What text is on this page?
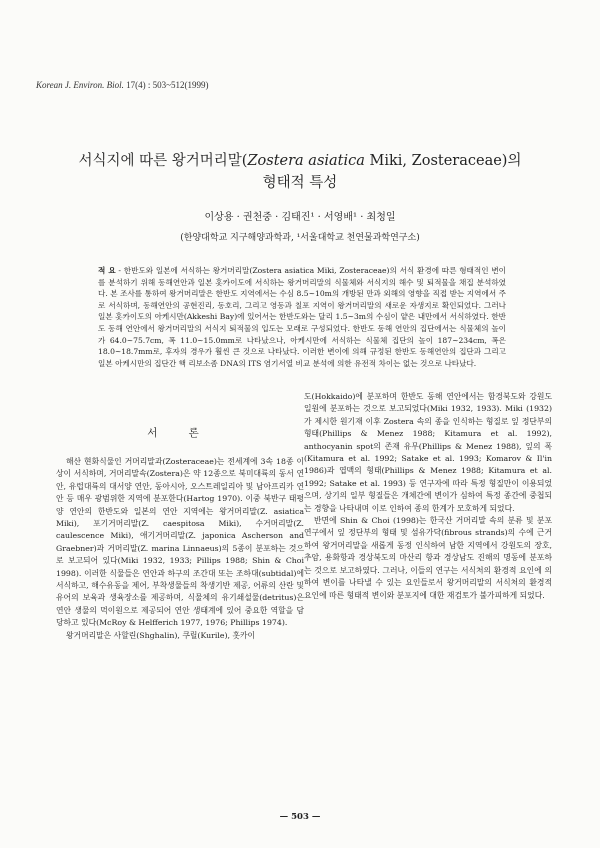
Korean J. Environ. Biol. 17(4) : 503~512(1999)
서식지에 따른 왕거머리말(Zostera asiatica Miki, Zosteraceae)의
형태적 특성
이상용 · 권천중 · 김태진¹ · 서영배¹ · 최청일
(한양대학교 지구해양과학과, ¹서울대학교 천연물과학연구소)
적 요 - 한반도와 일본에 서식하는 왕거머리말(Zostera asiatica Miki, Zosteraceae)의 서식 환경에 따른 형태적인 변이를 분석하기 위해 동해연안과 일본 홋카이도에 서식하는 왕거머리말의 식물체와 서식지의 해수 및 퇴적물을 채집 분석하였다. 본 조사를 통하여 왕거머리말은 한반도 지역에서는 수심 8.5~10m의 개방된 만과 외해의 영향을 직접 받는 지역에서 주로 서식하며, 동해연안의 공현진리, 동호리, 그리고 영동과 칠포 지역이 왕거머리말의 새로운 자생지로 확인되었다. 그러나 일본 홋카이도의 아케시만(Akkeshi Bay)에 있어서는 한반도와는 달리 1.5~3m의 수심이 얕은 내만에서 서식하였다. 한반도 동해 연안에서 왕거머리말의 서식지 퇴적물의 입도는 모래로 구성되었다. 한반도 동해 연안의 집단에서는 식물체의 높이가 64.0~75.7cm, 폭 11.0~15.0mm로 나타났으나, 아케시만에 서식하는 식물체 집단의 높이 187~234cm, 폭은 18.0~18.7mm로, 후자의 경우가 훨씬 큰 것으로 나타났다. 이러한 변이에 의해 규정된 한반도 동해연안의 집단과 그리고 일본 아케시만의 집단간 핵 리보소좀 DNA의 ITS 염기서열 비교 분석에 의한 유전적 차이는 없는 것으로 나타났다.
서 론

해산 현화식물인 거머리말과(Zosteraceae)는 전세계에 3속 18종 이상이 서식하며, 거머리말속(Zostera)은 약 12종으로 북미대륙의 동서 연안, 유럽대륙의 대서양 연안, 동아시아, 오스트레일리아 및 남아프리카 연안 등 매우 광범위한 지역에 분포한다(Hartog 1970). 이중 북반구 태평양 연안의 한반도와 일본의 연안 지역에는 왕거머리말(Z. asiatica Miki), 포기거머리말(Z. caespitosa Miki), 수거머리말(Z. caulescence Miki), 애기거머리말(Z. japonica Ascherson and Graebner)과 거머리말(Z. marina Linnaeus)의 5종이 분포하는 것으로 보고되어 있다(Miki 1932, 1933; Pillips 1988; Shin & Choi 1998). 이러한 식물들은 연안과 하구의 조간대 또는 조하대(subtidal)에 서식하고, 해수유동을 제어, 부착생물들의 착생기반 제공, 어류의 산란 및 유어의 보육과 생육장소를 제공하며, 식물체의 유기쇄설물(detritus)은 연안 생물의 먹이원으로 제공되어 연안 생태계에 있어 중요한 역할을 담당하고 있다(McRoy & Helfferich 1977, 1976; Phillips 1974).

왕거머리말은 사할린(Shghalin), 쿠릴(Kurile), 홋카이

도(Hokkaido)에 분포하며 한반도 동해 연안에서는 함경북도와 강원도 일원에 분포하는 것으로 보고되었다(Miki 1932, 1933). Miki (1932)가 제시한 원기재 이후 Zostera 속의 종을 인식하는 형질로 잎 정단부의 형태(Phillips & Menez 1988; Kitamura et al. 1992), anthocyanin spot의 존재 유무(Phillips & Menez 1988), 잎의 폭(Kitamura et al. 1992; Satake et al. 1993; Komarov & Il'in 1986)과 엽맥의 형태(Phillips & Menez 1988; Kitamura et al. 1992; Satake et al. 1993) 등 연구자에 따라 특정 형질만이 이용되었으며, 상기의 일부 형질들은 개체간에 변이가 심하여 특정 종간에 중첩되는 경향을 나타내며 이로 인하여 종의 한계가 모호하게 되었다.

반면에 Shin & Choi (1998)는 한국산 거머리말 속의 분류 및 분포 연구에서 잎 정단부의 형태 및 섬유가닥(fibrous strands)의 수에 근거하여 왕거머리말을 새롭게 동정 인식하여 남한 지역에서 강원도의 장호, 추암, 용화항과 경상북도의 마산리 항과 경상남도 진해의 명동에 분포하는 것으로 보고하였다. 그러나, 이들의 연구는 서식처의 환경적 요인에 의하여 변이를 나타낼 수 있는 요인들로서 왕거머리말의 서식처의 환경적 요인에 따른 형태적 변이와 분포지에 대한 재검토가 불가피하게 되었다.

— 503 —
